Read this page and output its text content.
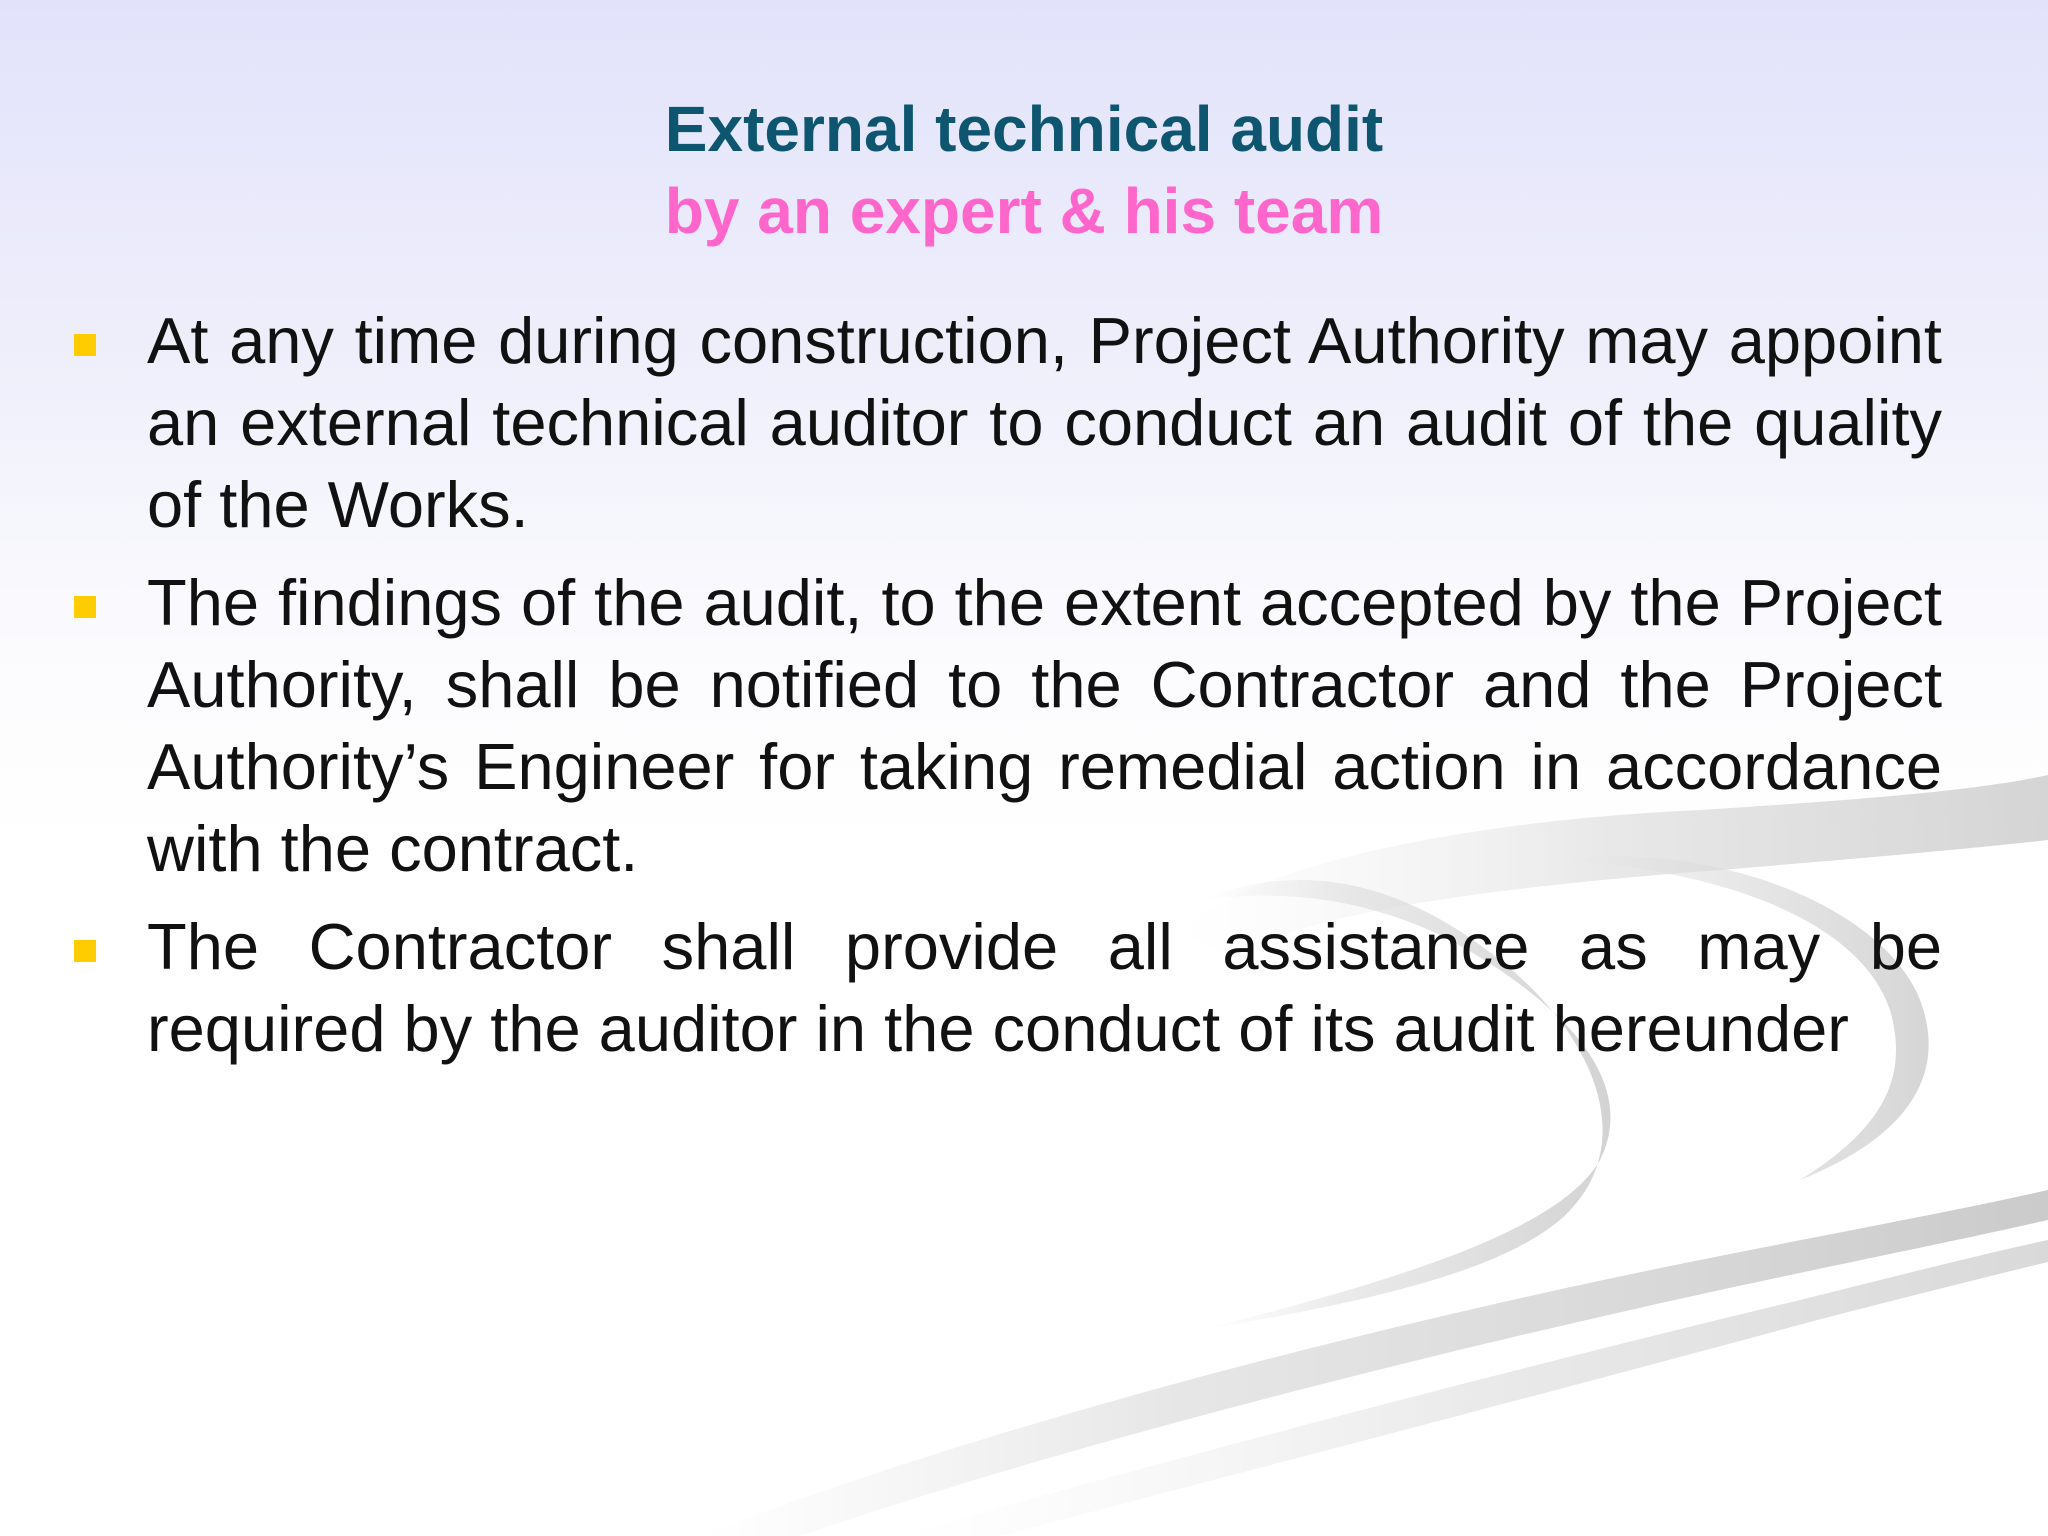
External technical audit
by an expert & his team
At any time during construction, Project Authority may appoint an external technical auditor to conduct an audit of the quality of the Works.
The findings of the audit, to the extent accepted by the Project Authority, shall be notified to the Contractor and the Project Authority’s Engineer for taking remedial action in accordance with the contract.
The Contractor shall provide all assistance as may be required by the auditor in the conduct of its audit hereunder
